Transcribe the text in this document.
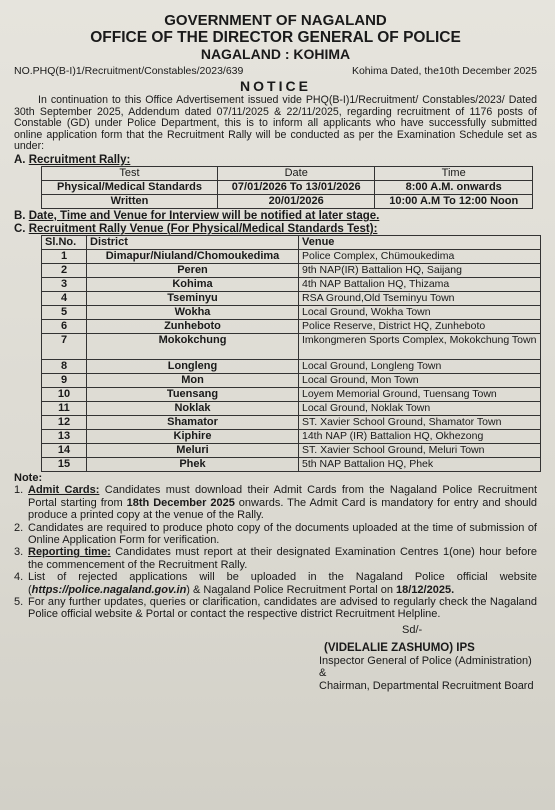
GOVERNMENT OF NAGALAND
OFFICE OF THE DIRECTOR GENERAL OF POLICE
NAGALAND : KOHIMA
NO.PHQ(B-I)1/Recruitment/Constables/2023/639	Kohima Dated, the10th December 2025
NOTICE
In continuation to this Office Advertisement issued vide PHQ(B-I)1/Recruitment/ Constables/2023/ Dated 30th September 2025, Addendum dated 07/11/2025 & 22/11/2025, regarding recruitment of 1176 posts of Constable (GD) under Police Department, this is to inform all applicants who have successfully submitted online application form that the Recruitment Rally will be conducted as per the Examination Schedule set as under:
A. Recruitment Rally:
Test	Date	Time
Physical/Medical Standards	07/01/2026 To 13/01/2026	8:00 A.M. onwards
Written	20/01/2026	10:00 A.M To 12:00 Noon
B. Date, Time and Venue for Interview will be notified at later stage.
C. Recruitment Rally Venue (For Physical/Medical Standards Test):
Sl.No.	District	Venue
1	Dimapur/Niuland/Chomoukedima	Police Complex, Chümoukedima
2	Peren	9th NAP(IR) Battalion HQ, Saijang
3	Kohima	4th NAP Battalion HQ, Thizama
4	Tseminyu	RSA Ground,Old Tseminyu Town
5	Wokha	Local Ground, Wokha Town
6	Zunheboto	Police Reserve, District HQ, Zunheboto
7	Mokokchung	Imkongmeren Sports Complex, Mokokchung Town
8	Longleng	Local Ground, Longleng Town
9	Mon	Local Ground, Mon Town
10	Tuensang	Loyem Memorial Ground, Tuensang Town
11	Noklak	Local Ground, Noklak Town
12	Shamator	ST. Xavier School Ground, Shamator Town
13	Kiphire	14th NAP (IR) Battalion HQ, Okhezong
14	Meluri	ST. Xavier School Ground, Meluri Town
15	Phek	5th NAP Battalion HQ, Phek
Note:
1. Admit Cards: Candidates must download their Admit Cards from the Nagaland Police Recruitment Portal starting from 18th December 2025 onwards. The Admit Card is mandatory for entry and should produce a printed copy at the venue of the Rally.
2. Candidates are required to produce photo copy of the documents uploaded at the time of submission of Online Application Form for verification.
3. Reporting time: Candidates must report at their designated Examination Centres 1(one) hour before the commencement of the Recruitment Rally.
4. List of rejected applications will be uploaded in the Nagaland Police official website (https://police.nagaland.gov.in) & Nagaland Police Recruitment Portal on 18/12/2025.
5. For any further updates, queries or clarification, candidates are advised to regularly check the Nagaland Police official website & Portal or contact the respective district Recruitment Helpline.
Sd/-
(VIDELALIE ZASHUMO) IPS
Inspector General of Police (Administration) &
Chairman, Departmental Recruitment Board
